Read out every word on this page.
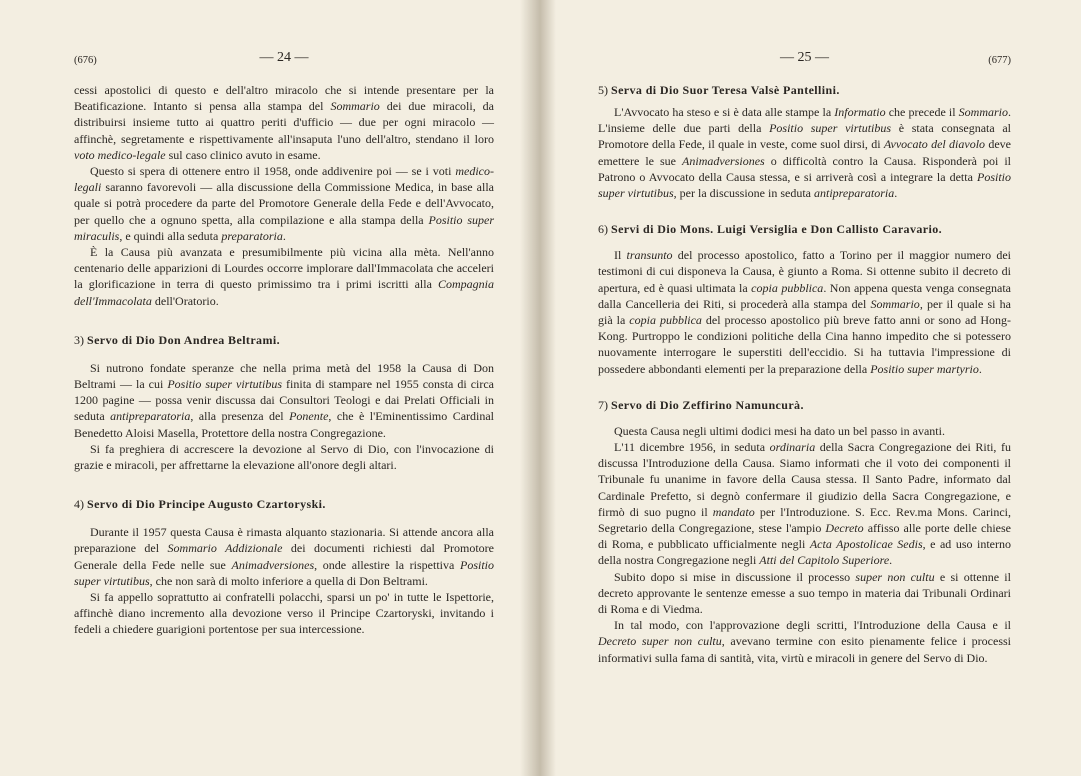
(676)	— 24 —

cessi apostolici di questo e dell'altro miracolo che si intende presentare per la Beatificazione. Intanto si pensa alla stampa del Sommario dei due miracoli, da distribuirsi insieme tutto ai quattro periti d'ufficio — due per ogni miracolo — affinchè, segretamente e rispettivamente all'insaputa l'uno dell'altro, stendano il loro voto medico-legale sul caso clinico avuto in esame.

Questo si spera di ottenere entro il 1958, onde addivenire poi — se i voti medico-legali saranno favorevoli — alla discussione della Commissione Medica, in base alla quale si potrà procedere da parte del Promotore Generale della Fede e dell'Avvocato, per quello che a ognuno spetta, alla compilazione e alla stampa della Positio super miraculis, e quindi alla seduta preparatoria.

È la Causa più avanzata e presumibilmente più vicina alla mèta. Nell'anno centenario delle apparizioni di Lourdes occorre implorare dall'Immacolata che acceleri la glorificazione in terra di questo primissimo tra i primi iscritti alla Compagnia dell'Immacolata dell'Oratorio.

3) Servo di Dio Don Andrea Beltrami.

Si nutrono fondate speranze che nella prima metà del 1958 la Causa di Don Beltrami — la cui Positio super virtutibus finita di stampare nel 1955 consta di circa 1200 pagine — possa venir discussa dai Consultori Teologi e dai Prelati Officiali in seduta antipreparatoria, alla presenza del Ponente, che è l'Eminentissimo Cardinal Benedetto Aloisi Masella, Protettore della nostra Congregazione.

Si fa preghiera di accrescere la devozione al Servo di Dio, con l'invocazione di grazie e miracoli, per affrettarne la elevazione all'onore degli altari.

4) Servo di Dio Principe Augusto Czartoryski.

Durante il 1957 questa Causa è rimasta alquanto stazionaria. Si attende ancora alla preparazione del Sommario Addizionale dei documenti richiesti dal Promotore Generale della Fede nelle sue Animadversiones, onde allestire la rispettiva Positio super virtutibus, che non sarà di molto inferiore a quella di Don Beltrami.

Si fa appello soprattutto ai confratelli polacchi, sparsi un po' in tutte le Ispettorie, affinchè diano incremento alla devozione verso il Principe Czartoryski, invitando i fedeli a chiedere guarigioni portentose per sua intercessione.

— 25 —	(677)
5) Serva di Dio Suor Teresa Valsè Pantellini.

L'Avvocato ha steso e si è data alle stampe la Informatio che precede il Sommario. L'insieme delle due parti della Positio super virtutibus è stata consegnata al Promotore della Fede, il quale in veste, come suol dirsi, di Avvocato del diavolo deve emettere le sue Animadversiones o difficoltà contro la Causa. Risponderà poi il Patrono o Avvocato della Causa stessa, e si arriverà così a integrare la detta Positio super virtutibus, per la discussione in seduta antipreparatoria.

6) Servi di Dio Mons. Luigi Versiglia e Don Callisto Caravario.

Il transunto del processo apostolico, fatto a Torino per il maggior numero dei testimoni di cui disponeva la Causa, è giunto a Roma. Si ottenne subito il decreto di apertura, ed è quasi ultimata la copia pubblica. Non appena questa venga consegnata dalla Cancelleria dei Riti, si procederà alla stampa del Sommario, per il quale si ha già la copia pubblica del processo apostolico più breve fatto anni or sono ad Hong-Kong. Purtroppo le condizioni politiche della Cina hanno impedito che si potessero nuovamente interrogare le superstiti dell'eccidio. Si ha tuttavia l'impressione di possedere abbondanti elementi per la preparazione della Positio super martyrio.

7) Servo di Dio Zeffirino Namuncurà.

Questa Causa negli ultimi dodici mesi ha dato un bel passo in avanti.

L'11 dicembre 1956, in seduta ordinaria della Sacra Congregazione dei Riti, fu discussa l'Introduzione della Causa. Siamo informati che il voto dei componenti il Tribunale fu unanime in favore della Causa stessa. Il Santo Padre, informato dal Cardinale Prefetto, si degnò confermare il giudizio della Sacra Congregazione, e firmò di suo pugno il mandato per l'Introduzione. S. Ecc. Rev.ma Mons. Carinci, Segretario della Congregazione, stese l'ampio Decreto affisso alle porte delle chiese di Roma, e pubblicato ufficialmente negli Acta Apostolicae Sedis, e ad uso interno della nostra Congregazione negli Atti del Capitolo Superiore.

Subito dopo si mise in discussione il processo super non cultu e si ottenne il decreto approvante le sentenze emesse a suo tempo in materia dai Tribunali Ordinari di Roma e di Viedma.

In tal modo, con l'approvazione degli scritti, l'Introduzione della Causa e il Decreto super non cultu, avevano termine con esito pienamente felice i processi informativi sulla fama di santità, vita, virtù e miracoli in genere del Servo di Dio.
